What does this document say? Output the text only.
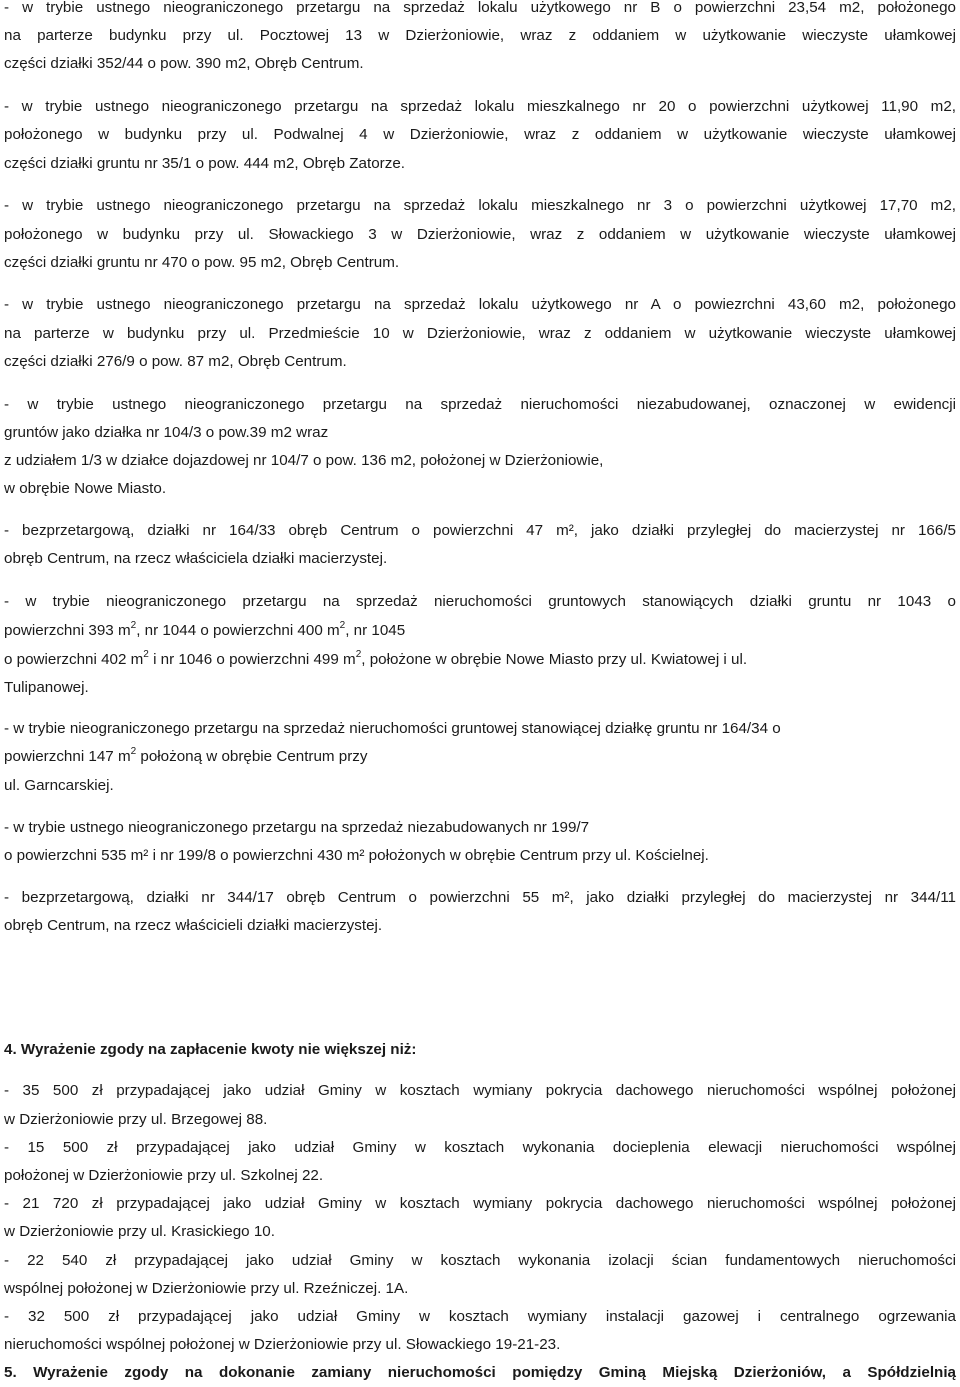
- w trybie ustnego nieograniczonego przetargu na sprzedaż lokalu użytkowego nr B o powierzchni 23,54 m2, położonego

na parterze budynku przy ul. Pocztowej 13 w Dzierżoniowie, wraz z oddaniem w użytkowanie wieczyste ułamkowej

części działki 352/44 o pow. 390 m2, Obręb Centrum.

- w trybie ustnego nieograniczonego przetargu na sprzedaż lokalu mieszkalnego nr 20 o powierzchni użytkowej 11,90 m2,

położonego w budynku przy ul. Podwalnej 4 w Dzierżoniowie, wraz z oddaniem w użytkowanie wieczyste ułamkowej

części działki gruntu nr 35/1 o pow. 444 m2, Obręb Zatorze.

- w trybie ustnego nieograniczonego przetargu na sprzedaż lokalu mieszkalnego nr 3 o powierzchni użytkowej 17,70 m2,

położonego w budynku przy ul. Słowackiego 3 w Dzierżoniowie, wraz z oddaniem w użytkowanie wieczyste ułamkowej

części działki gruntu nr 470 o pow. 95 m2, Obręb Centrum.

- w trybie ustnego nieograniczonego przetargu na sprzedaż lokalu użytkowego nr A o powiezrchni 43,60 m2, położonego

na parterze w budynku przy ul. Przedmieście 10 w Dzierżoniowie, wraz z oddaniem w użytkowanie wieczyste ułamkowej

części działki 276/9 o pow. 87 m2, Obręb Centrum.

- w trybie ustnego nieograniczonego przetargu na sprzedaż nieruchomości niezabudowanej, oznaczonej w ewidencji

gruntów jako działka nr 104/3 o pow.39 m2 wraz

z udziałem 1/3 w działce dojazdowej nr 104/7 o pow. 136 m2, położonej w Dzierżoniowie,

w obrębie Nowe Miasto.

- bezprzetargową, działki nr 164/33 obręb Centrum o powierzchni 47 m², jako działki przyległej do macierzystej nr 166/5

obręb Centrum, na rzecz właściciela działki macierzystej.

- w trybie nieograniczonego przetargu na sprzedaż nieruchomości gruntowych stanowiących działki gruntu nr 1043 o

powierzchni 393 $m^2$, nr 1044 o powierzchni 400 $m^2$, nr 1045

o powierzchni 402 $m^2$ i nr 1046 o powierzchni 499 $m^2$, położone w obrębie Nowe Miasto przy ul. Kwiatowej i ul.

Tulipanowej.

- w trybie nieograniczonego przetargu na sprzedaż nieruchomości gruntowej stanowiącej działkę gruntu nr 164/34 o

powierzchni 147 $m^2$ położoną w obrębie Centrum przy

ul. Garncarskiej.

- w trybie ustnego nieograniczonego przetargu na sprzedaż niezabudowanych nr 199/7

o powierzchni 535 m² i nr 199/8 o powierzchni 430 m² położonych w obrębie Centrum przy ul. Kościelnej.

- bezprzetargową, działki nr 344/17 obręb Centrum o powierzchni 55 m², jako działki przyległej do macierzystej nr 344/11

obręb Centrum, na rzecz właścicieli działki macierzystej.

4. Wyrażenie zgody na zapłacenie kwoty nie większej niż:

- 35 500 zł przypadającej jako udział Gminy w kosztach wymiany pokrycia dachowego nieruchomości wspólnej położonej

w Dzierżoniowie przy ul. Brzegowej 88.

- 15 500 zł przypadającej jako udział Gminy w kosztach wykonania docieplenia elewacji nieruchomości wspólnej

położonej w Dzierżoniowie przy ul. Szkolnej 22.

- 21 720 zł przypadającej jako udział Gminy w kosztach wymiany pokrycia dachowego nieruchomości wspólnej położonej

w Dzierżoniowie przy ul. Krasickiego 10.

- 22 540 zł przypadającej jako udział Gminy w kosztach wykonania izolacji ścian fundamentowych nieruchomości

wspólnej położonej w Dzierżoniowie przy ul. Rzeźniczej. 1A.

- 32 500 zł przypadającej jako udział Gminy w kosztach wymiany instalacji gazowej i centralnego ogrzewania

nieruchomości wspólnej położonej w Dzierżoniowie przy ul. Słowackiego 19-21-23.

5. Wyrażenie zgody na dokonanie zamiany nieruchomości pomiędzy Gminą Miejską Dzierżoniów, a Spółdzielnią
